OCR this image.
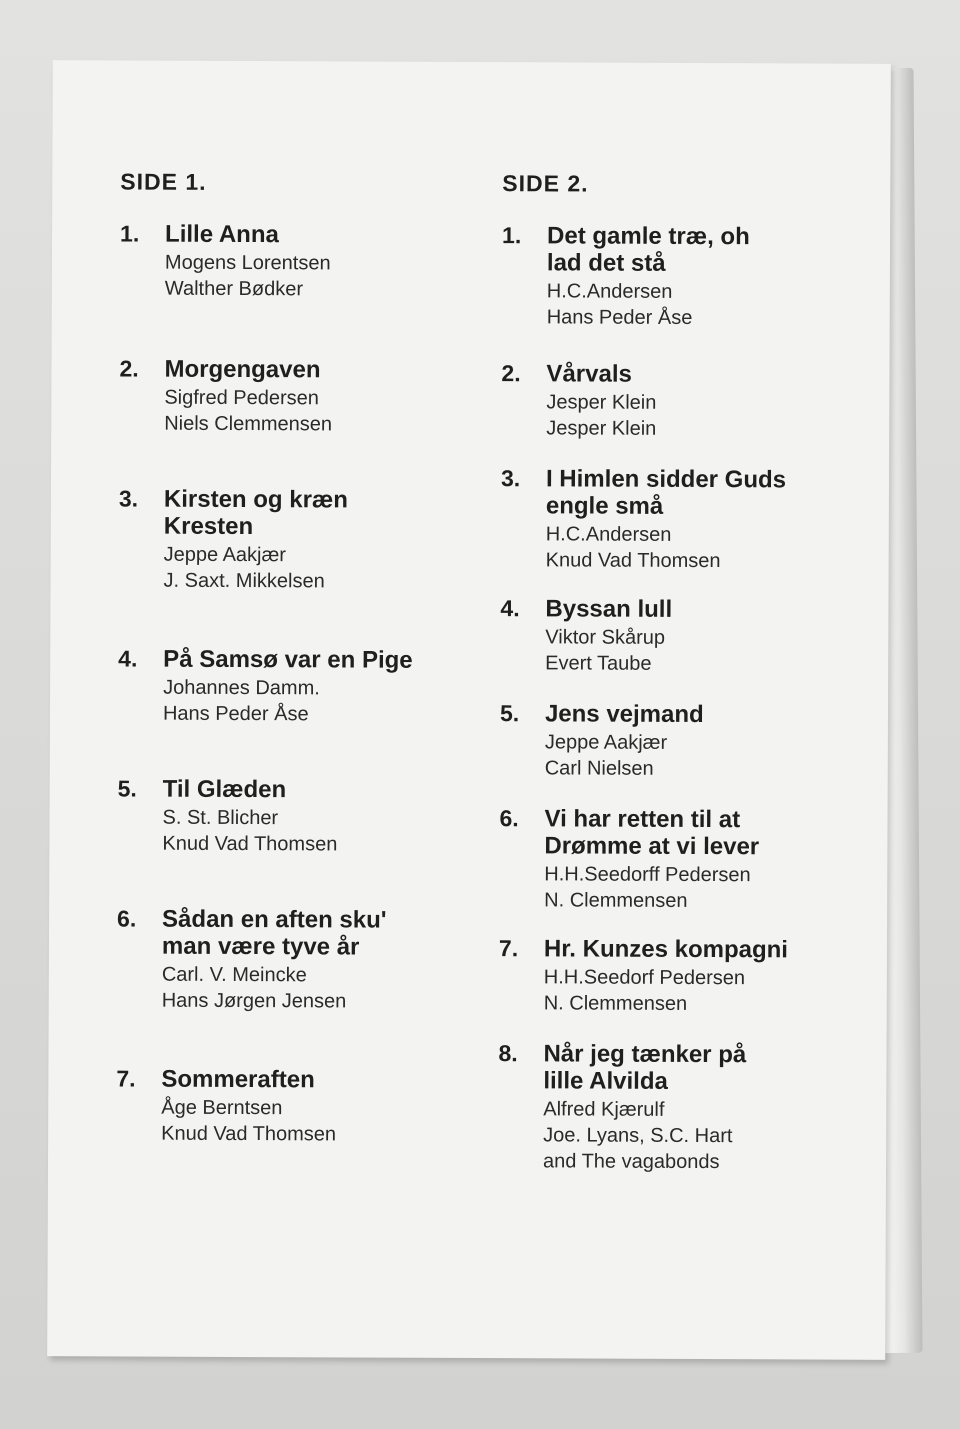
SIDE 1.
1. Lille Anna
Mogens Lorentsen
Walther Bødker
2. Morgengaven
Sigfred Pedersen
Niels Clemmensen
3. Kirsten og kræn
Kresten
Jeppe Aakjær
J. Saxt. Mikkelsen
4. På Samsø var en Pige
Johannes Damm.
Hans Peder Åse
5. Til Glæden
S. St. Blicher
Knud Vad Thomsen
6. Sådan en aften sku'
man være tyve år
Carl. V. Meincke
Hans Jørgen Jensen
7. Sommeraften
Åge Berntsen
Knud Vad Thomsen
SIDE 2.
1. Det gamle træ, oh
lad det stå
H.C.Andersen
Hans Peder Åse
2. Vårvals
Jesper Klein
Jesper Klein
3. I Himlen sidder Guds
engle små
H.C.Andersen
Knud Vad Thomsen
4. Byssan lull
Viktor Skårup
Evert Taube
5. Jens vejmand
Jeppe Aakjær
Carl Nielsen
6. Vi har retten til at
Drømme at vi lever
H.H.Seedorff Pedersen
N. Clemmensen
7. Hr. Kunzes kompagni
H.H.Seedorf Pedersen
N. Clemmensen
8. Når jeg tænker på
lille Alvilda
Alfred Kjærulf
Joe. Lyans, S.C. Hart
and The vagabonds
